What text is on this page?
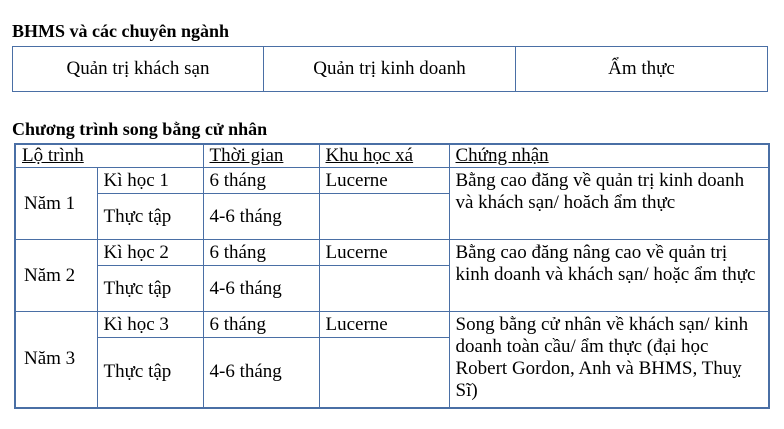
BHMS và các chuyên ngành
Quản trị khách sạn	Quản trị kinh doanh	Ẩm thực
Chương trình song bằng cử nhân
Lộ trình		Thời gian	Khu học xá	Chứng nhận
Năm 1	Kì học 1	6 tháng	Lucerne	Bằng cao đăng về quản trị kinh doanh và khách sạn/ hoăch ẩm thực
	Thực tập	4-6 tháng		
Năm 2	Kì học 2	6 tháng	Lucerne	Bằng cao đăng nâng cao về quản trị kinh doanh và khách sạn/ hoặc ẩm thực
	Thực tập	4-6 tháng		
Năm 3	Kì học 3	6 tháng	Lucerne	Song bằng cử nhân về khách sạn/ kinh doanh toàn cầu/ ẩm thực (đại học Robert Gordon, Anh và BHMS, Thuỵ Sĩ)
	Thực tập	4-6 tháng		
